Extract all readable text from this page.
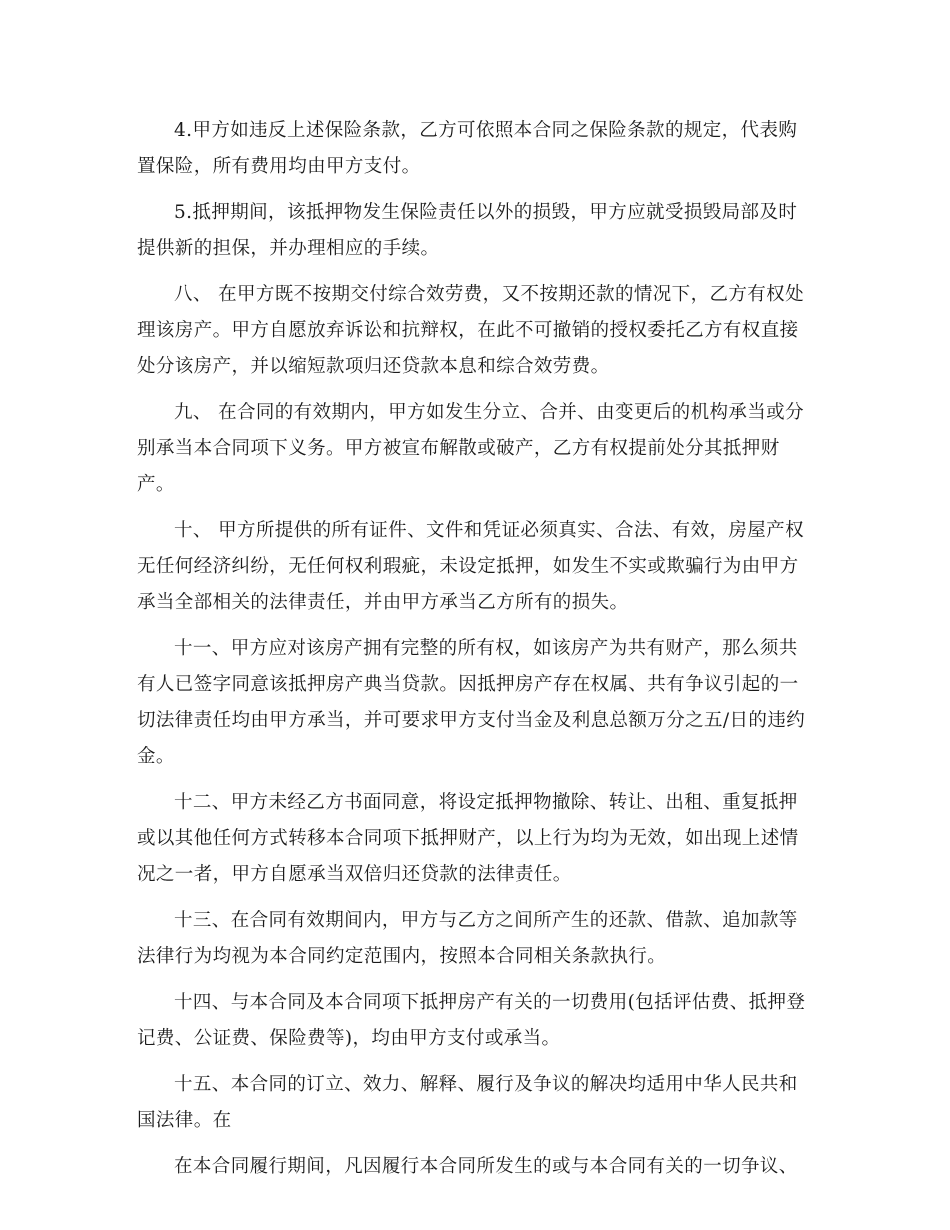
4.甲方如违反上述保险条款，乙方可依照本合同之保险条款的规定，代表购
置保险，所有费用均由甲方支付。

5.抵押期间，该抵押物发生保险责任以外的损毁，甲方应就受损毁局部及时
提供新的担保，并办理相应的手续。

八、 在甲方既不按期交付综合效劳费，又不按期还款的情况下，乙方有权处
理该房产。甲方自愿放弃诉讼和抗辩权，在此不可撤销的授权委托乙方有权直接
处分该房产，并以缩短款项归还贷款本息和综合效劳费。

九、 在合同的有效期内，甲方如发生分立、合并、由变更后的机构承当或分
别承当本合同项下义务。甲方被宣布解散或破产，乙方有权提前处分其抵押财
产。

十、 甲方所提供的所有证件、文件和凭证必须真实、合法、有效，房屋产权
无任何经济纠纷，无任何权利瑕疵，未设定抵押，如发生不实或欺骗行为由甲方
承当全部相关的法律责任，并由甲方承当乙方所有的损失。

十一、甲方应对该房产拥有完整的所有权，如该房产为共有财产，那么须共
有人已签字同意该抵押房产典当贷款。因抵押房产存在权属、共有争议引起的一
切法律责任均由甲方承当，并可要求甲方支付当金及利息总额万分之五/日的违约
金。

十二、甲方未经乙方书面同意，将设定抵押物撤除、转让、出租、重复抵押
或以其他任何方式转移本合同项下抵押财产，以上行为均为无效，如出现上述情
况之一者，甲方自愿承当双倍归还贷款的法律责任。

十三、在合同有效期间内，甲方与乙方之间所产生的还款、借款、追加款等
法律行为均视为本合同约定范围内，按照本合同相关条款执行。

十四、与本合同及本合同项下抵押房产有关的一切费用(包括评估费、抵押登
记费、公证费、保险费等)，均由甲方支付或承当。

十五、本合同的订立、效力、解释、履行及争议的解决均适用中华人民共和
国法律。在

在本合同履行期间，凡因履行本合同所发生的或与本合同有关的一切争议、
